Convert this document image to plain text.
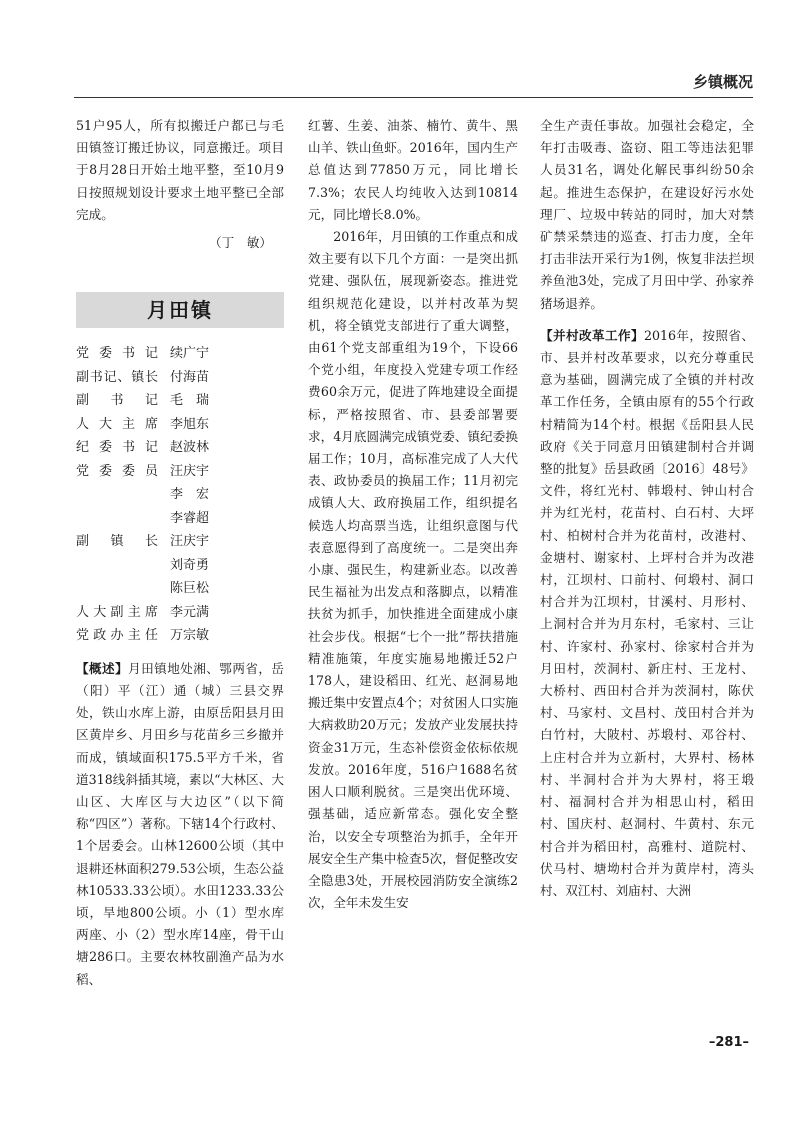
乡镇概况

51户95人，所有拟搬迁户都已与毛田镇签订搬迁协议，同意搬迁。项目于8月28日开始土地平整，至10月9日按照规划设计要求土地平整已全部完成。

（丁　敏）
月田镇
党委书记 续广宁
副书记、镇长 付海苗
副书记 毛　瑞
人大主席 李旭东
纪委书记 赵波林
党委委员 汪庆宇
李　宏
李睿超
副镇长 汪庆宇
刘奇勇
陈巨松
人大副主席 李元满
党政办主任 万宗敏

【概述】月田镇地处湘、鄂两省，岳（阳）平（江）通（城）三县交界处，铁山水库上游，由原岳阳县月田区黄岸乡、月田乡与花苗乡三乡撤并而成，镇域面积175.5平方千米，省道318线斜插其境，素以“大林区、大山区、大库区与大边区”（以下简称“四区”）著称。下辖14个行政村、1个居委会。山林12600公顷（其中退耕还林面积279.53公顷，生态公益林10533.33公顷）。水田1233.33公顷，旱地800公顷。小（1）型水库两座、小（2）型水库14座，骨干山塘286口。主要农林牧副渔产品为水稻、

红薯、生姜、油茶、楠竹、黄牛、黑山羊、铁山鱼虾。2016年，国内生产总值达到77850万元，同比增长7.3%；农民人均纯收入达到10814元，同比增长8.0%。

2016年，月田镇的工作重点和成效主要有以下几个方面：一是突出抓党建、强队伍，展现新姿态。推进党组织规范化建设，以并村改革为契机，将全镇党支部进行了重大调整，由61个党支部重组为19个，下设66个党小组，年度投入党建专项工作经费60余万元，促进了阵地建设全面提标，严格按照省、市、县委部署要求，4月底圆满完成镇党委、镇纪委换届工作；10月，高标准完成了人大代表、政协委员的换届工作；11月初完成镇人大、政府换届工作，组织提名候选人均高票当选，让组织意图与代表意愿得到了高度统一。二是突出奔小康、强民生，构建新业态。以改善民生福祉为出发点和落脚点，以精准扶贫为抓手，加快推进全面建成小康社会步伐。根据“七个一批”帮扶措施精准施策，年度实施易地搬迁52户178人，建设稻田、红光、赵洞易地搬迁集中安置点4个；对贫困人口实施大病救助20万元；发放产业发展扶持资金31万元，生态补偿资金依标依规发放。2016年度，516户1688名贫困人口顺利脱贫。三是突出优环境、强基础，适应新常态。强化安全整治，以安全专项整治为抓手，全年开展安全生产集中检查5次，督促整改安全隐患3处，开展校园消防安全演练2次，全年未发生安

全生产责任事故。加强社会稳定，全年打击吸毒、盗窃、阻工等违法犯罪人员31名，调处化解民事纠纷50余起。推进生态保护，在建设好污水处理厂、垃圾中转站的同时，加大对禁矿禁采禁违的巡查、打击力度，全年打击非法开采行为1例，恢复非法拦坝养鱼池3处，完成了月田中学、孙家养猪场退养。

【并村改革工作】2016年，按照省、市、县并村改革要求，以充分尊重民意为基础，圆满完成了全镇的并村改革工作任务，全镇由原有的55个行政村精简为14个村。根据《岳阳县人民政府《关于同意月田镇建制村合并调整的批复》岳县政函〔2016〕48号》文件，将红光村、韩塅村、钟山村合并为红光村，花苗村、白石村、大坪村、柏树村合并为花苗村，改港村、金塘村、谢家村、上坪村合并为改港村，江坝村、口前村、何塅村、洞口村合并为江坝村，甘溪村、月形村、上洞村合并为月东村，毛家村、三让村、许家村、孙家村、徐家村合并为月田村，茨洞村、新庄村、王龙村、大桥村、西田村合并为茨洞村，陈伏村、马家村、文昌村、茂田村合并为白竹村，大陂村、苏塅村、邓谷村、上庄村合并为立新村，大界村、杨林村、半洞村合并为大界村，将王塅村、福洞村合并为相思山村，稻田村、国庆村、赵洞村、牛黄村、东元村合并为稻田村，高雅村、道院村、伏马村、塘坳村合并为黄岸村，湾头村、双江村、刘庙村、大洲

–281–
